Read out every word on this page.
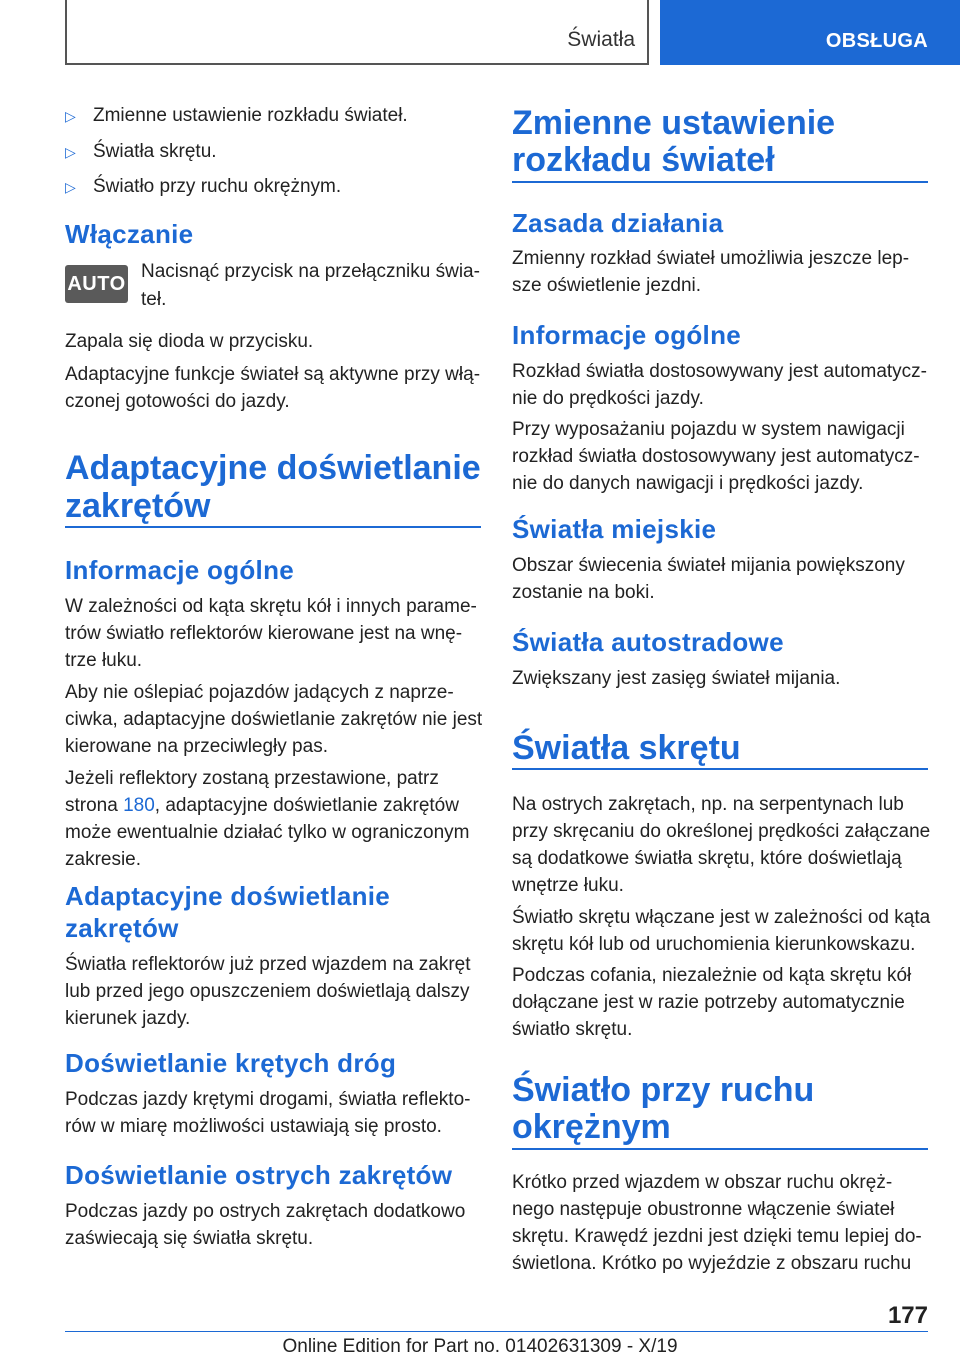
Światła	OBSŁUGA
▷ Zmienne ustawienie rozkładu świateł.
▷ Światła skrętu.
▷ Światło przy ruchu okrężnym.
Włączanie

Nacisnąć przycisk na przełączniku świa-

teł.

Zapala się dioda w przycisku.

Adaptacyjne funkcje świateł są aktywne przy włą-

czonej gotowości do jazdy.

Adaptacyjne doświetlanie
zakrętów
Informacje ogólne

W zależności od kąta skrętu kół i innych parame-

trów światło reflektorów kierowane jest na wnę-

trze łuku.

Aby nie oślepiać pojazdów jadących z naprze-

ciwka, adaptacyjne doświetlanie zakrętów nie jest

kierowane na przeciwległy pas.

Jeżeli reflektory zostaną przestawione, patrz

strona 180, adaptacyjne doświetlanie zakrętów

może ewentualnie działać tylko w ograniczonym

zakresie.

Adaptacyjne doświetlanie
zakrętów

Światła reflektorów już przed wjazdem na zakręt

lub przed jego opuszczeniem doświetlają dalszy

kierunek jazdy.

Doświetlanie krętych dróg

Podczas jazdy krętymi drogami, światła reflekto-

rów w miarę możliwości ustawiają się prosto.

Doświetlanie ostrych zakrętów

Podczas jazdy po ostrych zakrętach dodatkowo

zaświecają się światła skrętu.

AUTO
Zmienne ustawienie
rozkładu świateł
Zasada działania

Zmienny rozkład świateł umożliwia jeszcze lep-

sze oświetlenie jezdni.

Informacje ogólne

Rozkład światła dostosowywany jest automatycz-

nie do prędkości jazdy.

Przy wyposażaniu pojazdu w system nawigacji

rozkład światła dostosowywany jest automatycz-

nie do danych nawigacji i prędkości jazdy.

Światła miejskie

Obszar świecenia świateł mijania powiększony

zostanie na boki.

Światła autostradowe

Zwiększany jest zasięg świateł mijania.

Światła skrętu

Na ostrych zakrętach, np. na serpentynach lub

przy skręcaniu do określonej prędkości załączane

są dodatkowe światła skrętu, które doświetlają

wnętrze łuku.

Światło skrętu włączane jest w zależności od kąta

skrętu kół lub od uruchomienia kierunkowskazu.

Podczas cofania, niezależnie od kąta skrętu kół

dołączane jest w razie potrzeby automatycznie

światło skrętu.

Światło przy ruchu
okrężnym

Krótko przed wjazdem w obszar ruchu okręż-

nego następuje obustronne włączenie świateł

skrętu. Krawędź jezdni jest dzięki temu lepiej do-

świetlona. Krótko po wyjeździe z obszaru ruchu

177
Online Edition for Part no. 01402631309 - X/19
